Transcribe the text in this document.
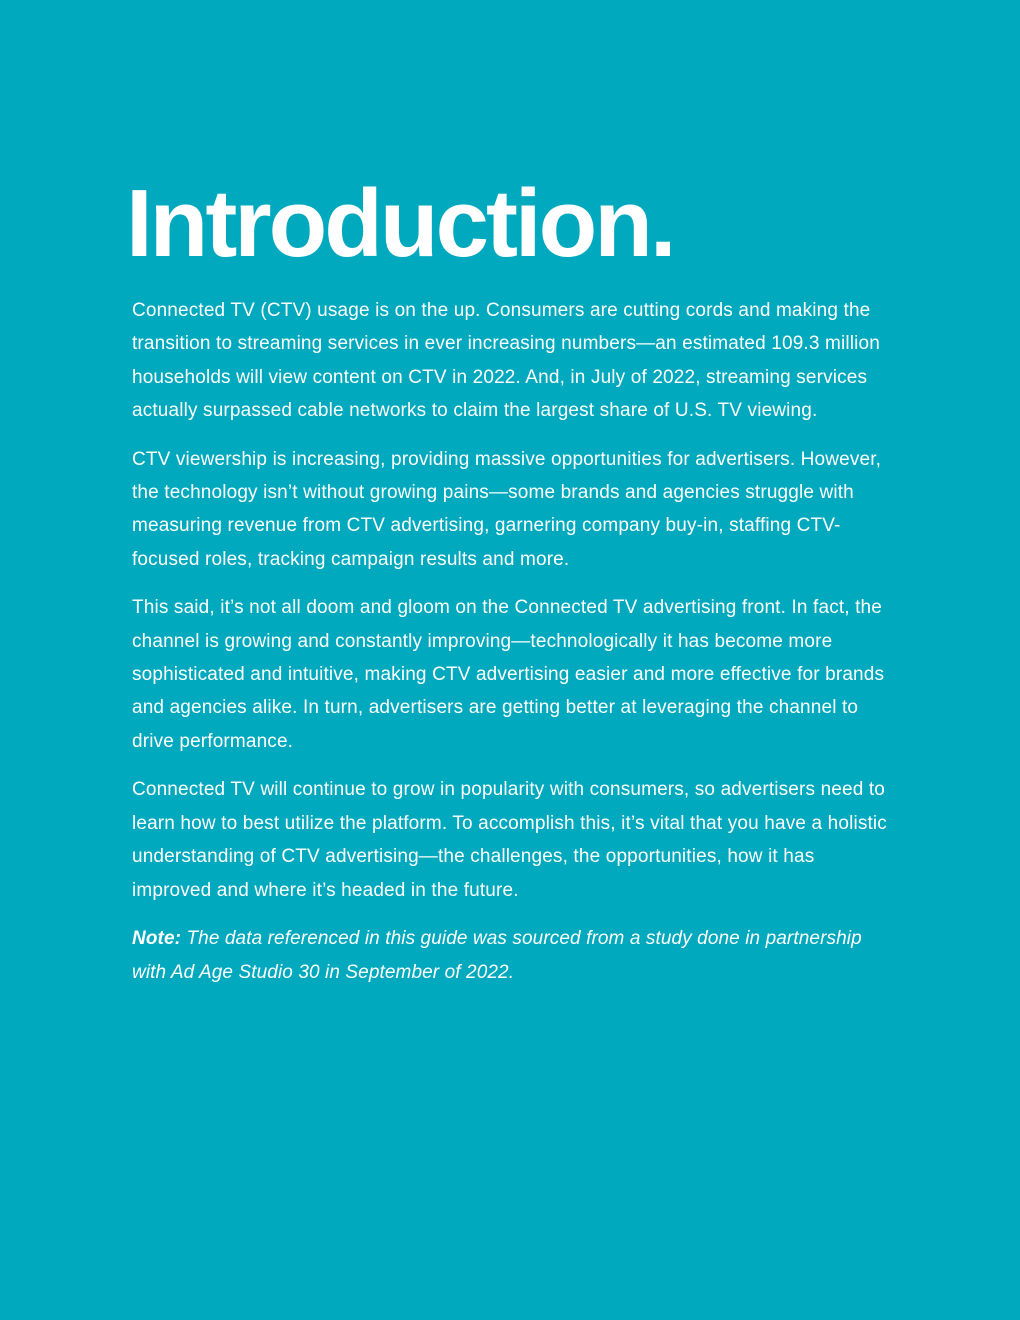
Introduction.

Connected TV (CTV) usage is on the up. Consumers are cutting cords and making the transition to streaming services in ever increasing numbers—an estimated 109.3 million households will view content on CTV in 2022. And, in July of 2022, streaming services actually surpassed cable networks to claim the largest share of U.S. TV viewing.

CTV viewership is increasing, providing massive opportunities for advertisers. However, the technology isn’t without growing pains—some brands and agencies struggle with measuring revenue from CTV advertising, garnering company buy-in, staffing CTV-focused roles, tracking campaign results and more.

This said, it’s not all doom and gloom on the Connected TV advertising front. In fact, the channel is growing and constantly improving—technologically it has become more sophisticated and intuitive, making CTV advertising easier and more effective for brands and agencies alike. In turn, advertisers are getting better at leveraging the channel to drive performance.

Connected TV will continue to grow in popularity with consumers, so advertisers need to learn how to best utilize the platform. To accomplish this, it’s vital that you have a holistic understanding of CTV advertising—the challenges, the opportunities, how it has improved and where it’s headed in the future.

Note: The data referenced in this guide was sourced from a study done in partnership with Ad Age Studio 30 in September of 2022.
